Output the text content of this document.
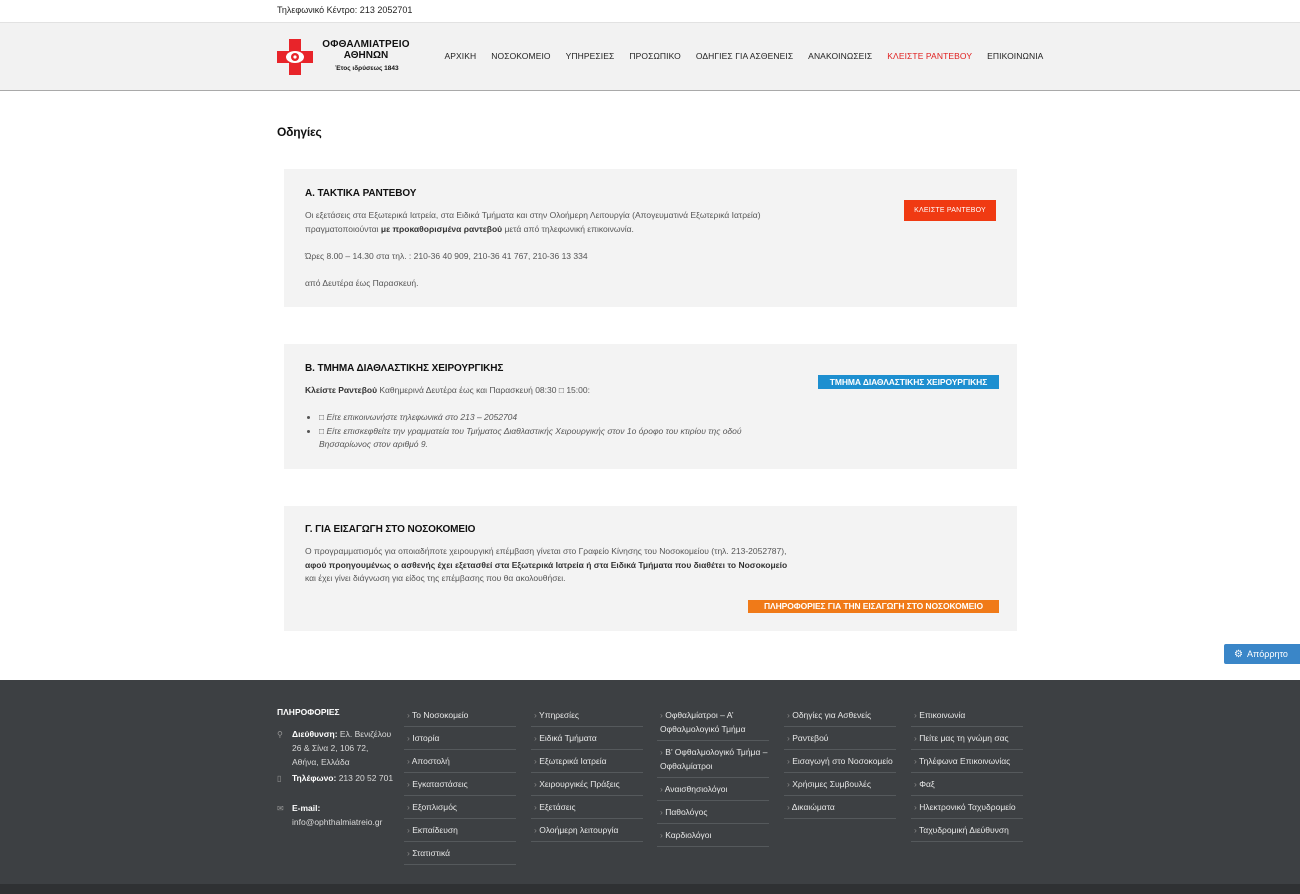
Τηλεφωνικό Κέντρο: 213 2052701
ΟΦΘΑΛΜΙΑΤΡΕΙΟ
ΑΘΗΝΩΝ
Έτος ιδρύσεως 1843
ΑΡΧΙΚΗ	ΝΟΣΟΚΟΜΕΙΟ	ΥΠΗΡΕΣΙΕΣ	ΠΡΟΣΩΠΙΚΟ	ΟΔΗΓΙΕΣ ΓΙΑ ΑΣΘΕΝΕΙΣ	ΑΝΑΚΟΙΝΩΣΕΙΣ	ΚΛΕΙΣΤΕ ΡΑΝΤΕΒΟΥ	ΕΠΙΚΟΙΝΩΝΙΑ
Οδηγίες
Α. ΤΑΚΤΙΚΑ ΡΑΝΤΕΒΟΥ

Οι εξετάσεις στα Εξωτερικά Ιατρεία, στα Ειδικά Τμήματα και στην Ολοήμερη Λειτουργία (Απογευματινά Εξωτερικά Ιατρεία) πραγματοποιούνται με προκαθορισμένα ραντεβού μετά από τηλεφωνική επικοινωνία.

Ώρες 8.00 – 14.30 στα τηλ. : 210-36 40 909, 210-36 41 767, 210-36 13 334

από Δευτέρα έως Παρασκευή.

ΚΛΕΙΣΤΕ ΡΑΝΤΕΒΟΥ
Β. ΤΜΗΜΑ ΔΙΑΘΛΑΣΤΙΚΗΣ ΧΕΙΡΟΥΡΓΙΚΗΣ

Κλείστε Ραντεβού Καθημερινά Δευτέρα έως και Παρασκευή 08:30 □ 15:00:

• □ Είτε επικοινωνήστε τηλεφωνικά στο 213 – 2052704
• □ Είτε επισκεφθείτε την γραμματεία του Τμήματος Διαθλαστικής Χειρουργικής στον 1ο όροφο του κτιρίου της οδού Βησσαρίωνος στον αριθμό 9.
ΤΜΗΜΑ ΔΙΑΘΛΑΣΤΙΚΗΣ ΧΕΙΡΟΥΡΓΙΚΗΣ
Γ. ΓΙΑ ΕΙΣΑΓΩΓΗ ΣΤΟ ΝΟΣΟΚΟΜΕΙΟ

Ο προγραμματισμός για οποιαδήποτε χειρουργική επέμβαση γίνεται στο Γραφείο Κίνησης του Νοσοκομείου (τηλ. 213-2052787), αφού προηγουμένως ο ασθενής έχει εξετασθεί στα Εξωτερικά Ιατρεία ή στα Ειδικά Τμήματα που διαθέτει το Νοσοκομείο και έχει γίνει διάγνωση για είδος της επέμβασης που θα ακολουθήσει.

ΠΛΗΡΟΦΟΡΙΕΣ ΓΙΑ ΤΗΝ ΕΙΣΑΓΩΓΗ ΣΤΟ ΝΟΣΟΚΟΜΕΙΟ
⚙ Απόρρητο
ΠΛΗΡΟΦΟΡΙΕΣ
⚲ Διεύθυνση: Ελ. Βενιζέλου 26 & Σίνα 2, 106 72, Αθήνα, Ελλάδα
▯ Τηλέφωνο: 213 20 52 701
✉ E-mail:
info@ophthalmiatreio.gr
› Το Νοσοκομείο
› Ιστορία
› Αποστολή
› Εγκαταστάσεις
› Εξοπλισμός
› Εκπαίδευση
› Στατιστικά
› Υπηρεσίες
› Ειδικά Τμήματα
› Εξωτερικά Ιατρεία
› Χειρουργικές Πράξεις
› Εξετάσεις
› Ολοήμερη λειτουργία
› Οφθαλμίατροι – Α’ Οφθαλμολογικό Τμήμα
› Β’ Οφθαλμολογικό Τμήμα – Οφθαλμίατροι
› Αναισθησιολόγοι
› Παθολόγος
› Καρδιολόγοι
› Οδηγίες για Ασθενείς
› Ραντεβού
› Εισαγωγή στο Νοσοκομείο
› Χρήσιμες Συμβουλές
› Δικαιώματα
› Επικοινωνία
› Πείτε μας τη γνώμη σας
› Τηλέφωνα Επικοινωνίας
› Φαξ
› Ηλεκτρονικό Ταχυδρομείο
› Ταχυδρομική Διεύθυνση
